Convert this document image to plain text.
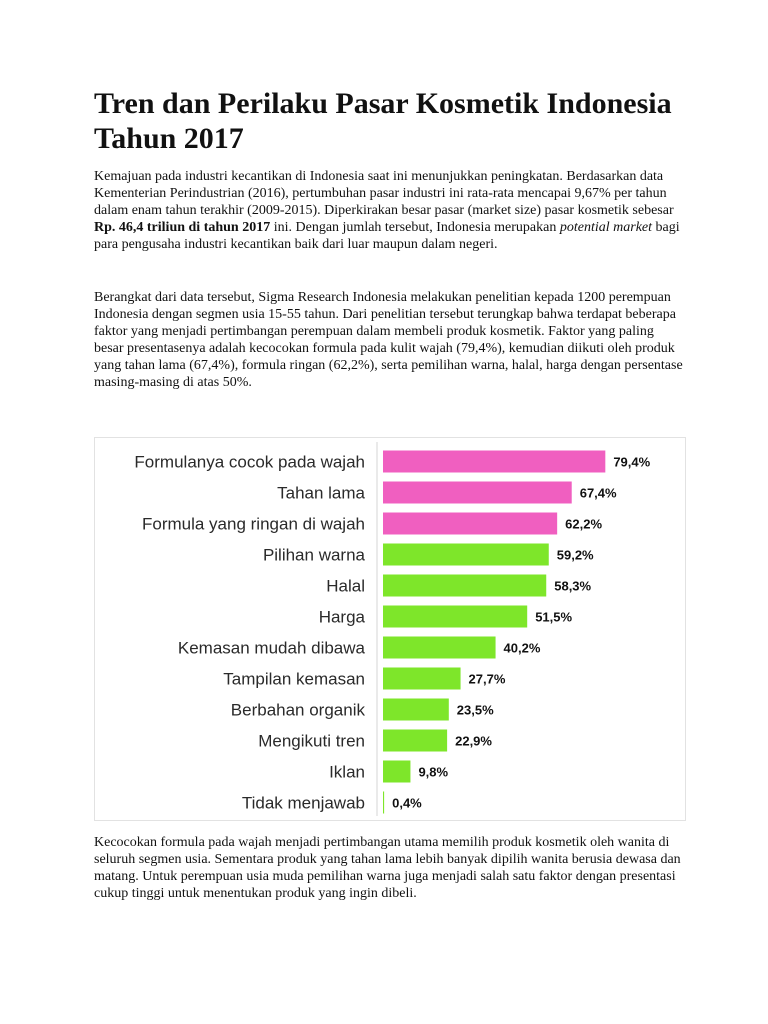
Tren dan Perilaku Pasar Kosmetik Indonesia Tahun 2017

Kemajuan pada industri kecantikan di Indonesia saat ini menunjukkan peningkatan. Berdasarkan data Kementerian Perindustrian (2016), pertumbuhan pasar industri ini rata-rata mencapai 9,67% per tahun dalam enam tahun terakhir (2009-2015). Diperkirakan besar pasar (market size) pasar kosmetik sebesar Rp. 46,4 triliun di tahun 2017 ini. Dengan jumlah tersebut, Indonesia merupakan potential market bagi para pengusaha industri kecantikan baik dari luar maupun dalam negeri.

Berangkat dari data tersebut, Sigma Research Indonesia melakukan penelitian kepada 1200 perempuan Indonesia dengan segmen usia 15-55 tahun. Dari penelitian tersebut terungkap bahwa terdapat beberapa faktor yang menjadi pertimbangan perempuan dalam membeli produk kosmetik. Faktor yang paling besar presentasenya adalah kecocokan formula pada kulit wajah (79,4%), kemudian diikuti oleh produk yang tahan lama (67,4%), formula ringan (62,2%), serta pemilihan warna, halal, harga dengan persentase masing-masing di atas 50%.

Formulanya cocok pada wajah	79,4%
Tahan lama	67,4%
Formula yang ringan di wajah	62,2%
Pilihan warna	59,2%
Halal	58,3%
Harga	51,5%
Kemasan mudah dibawa	40,2%
Tampilan kemasan	27,7%
Berbahan organik	23,5%
Mengikuti tren	22,9%
Iklan	9,8%
Tidak menjawab 0,4%

Kecocokan formula pada wajah menjadi pertimbangan utama memilih produk kosmetik oleh wanita di seluruh segmen usia. Sementara produk yang tahan lama lebih banyak dipilih wanita berusia dewasa dan matang. Untuk perempuan usia muda pemilihan warna juga menjadi salah satu faktor dengan presentasi cukup tinggi untuk menentukan produk yang ingin dibeli.
